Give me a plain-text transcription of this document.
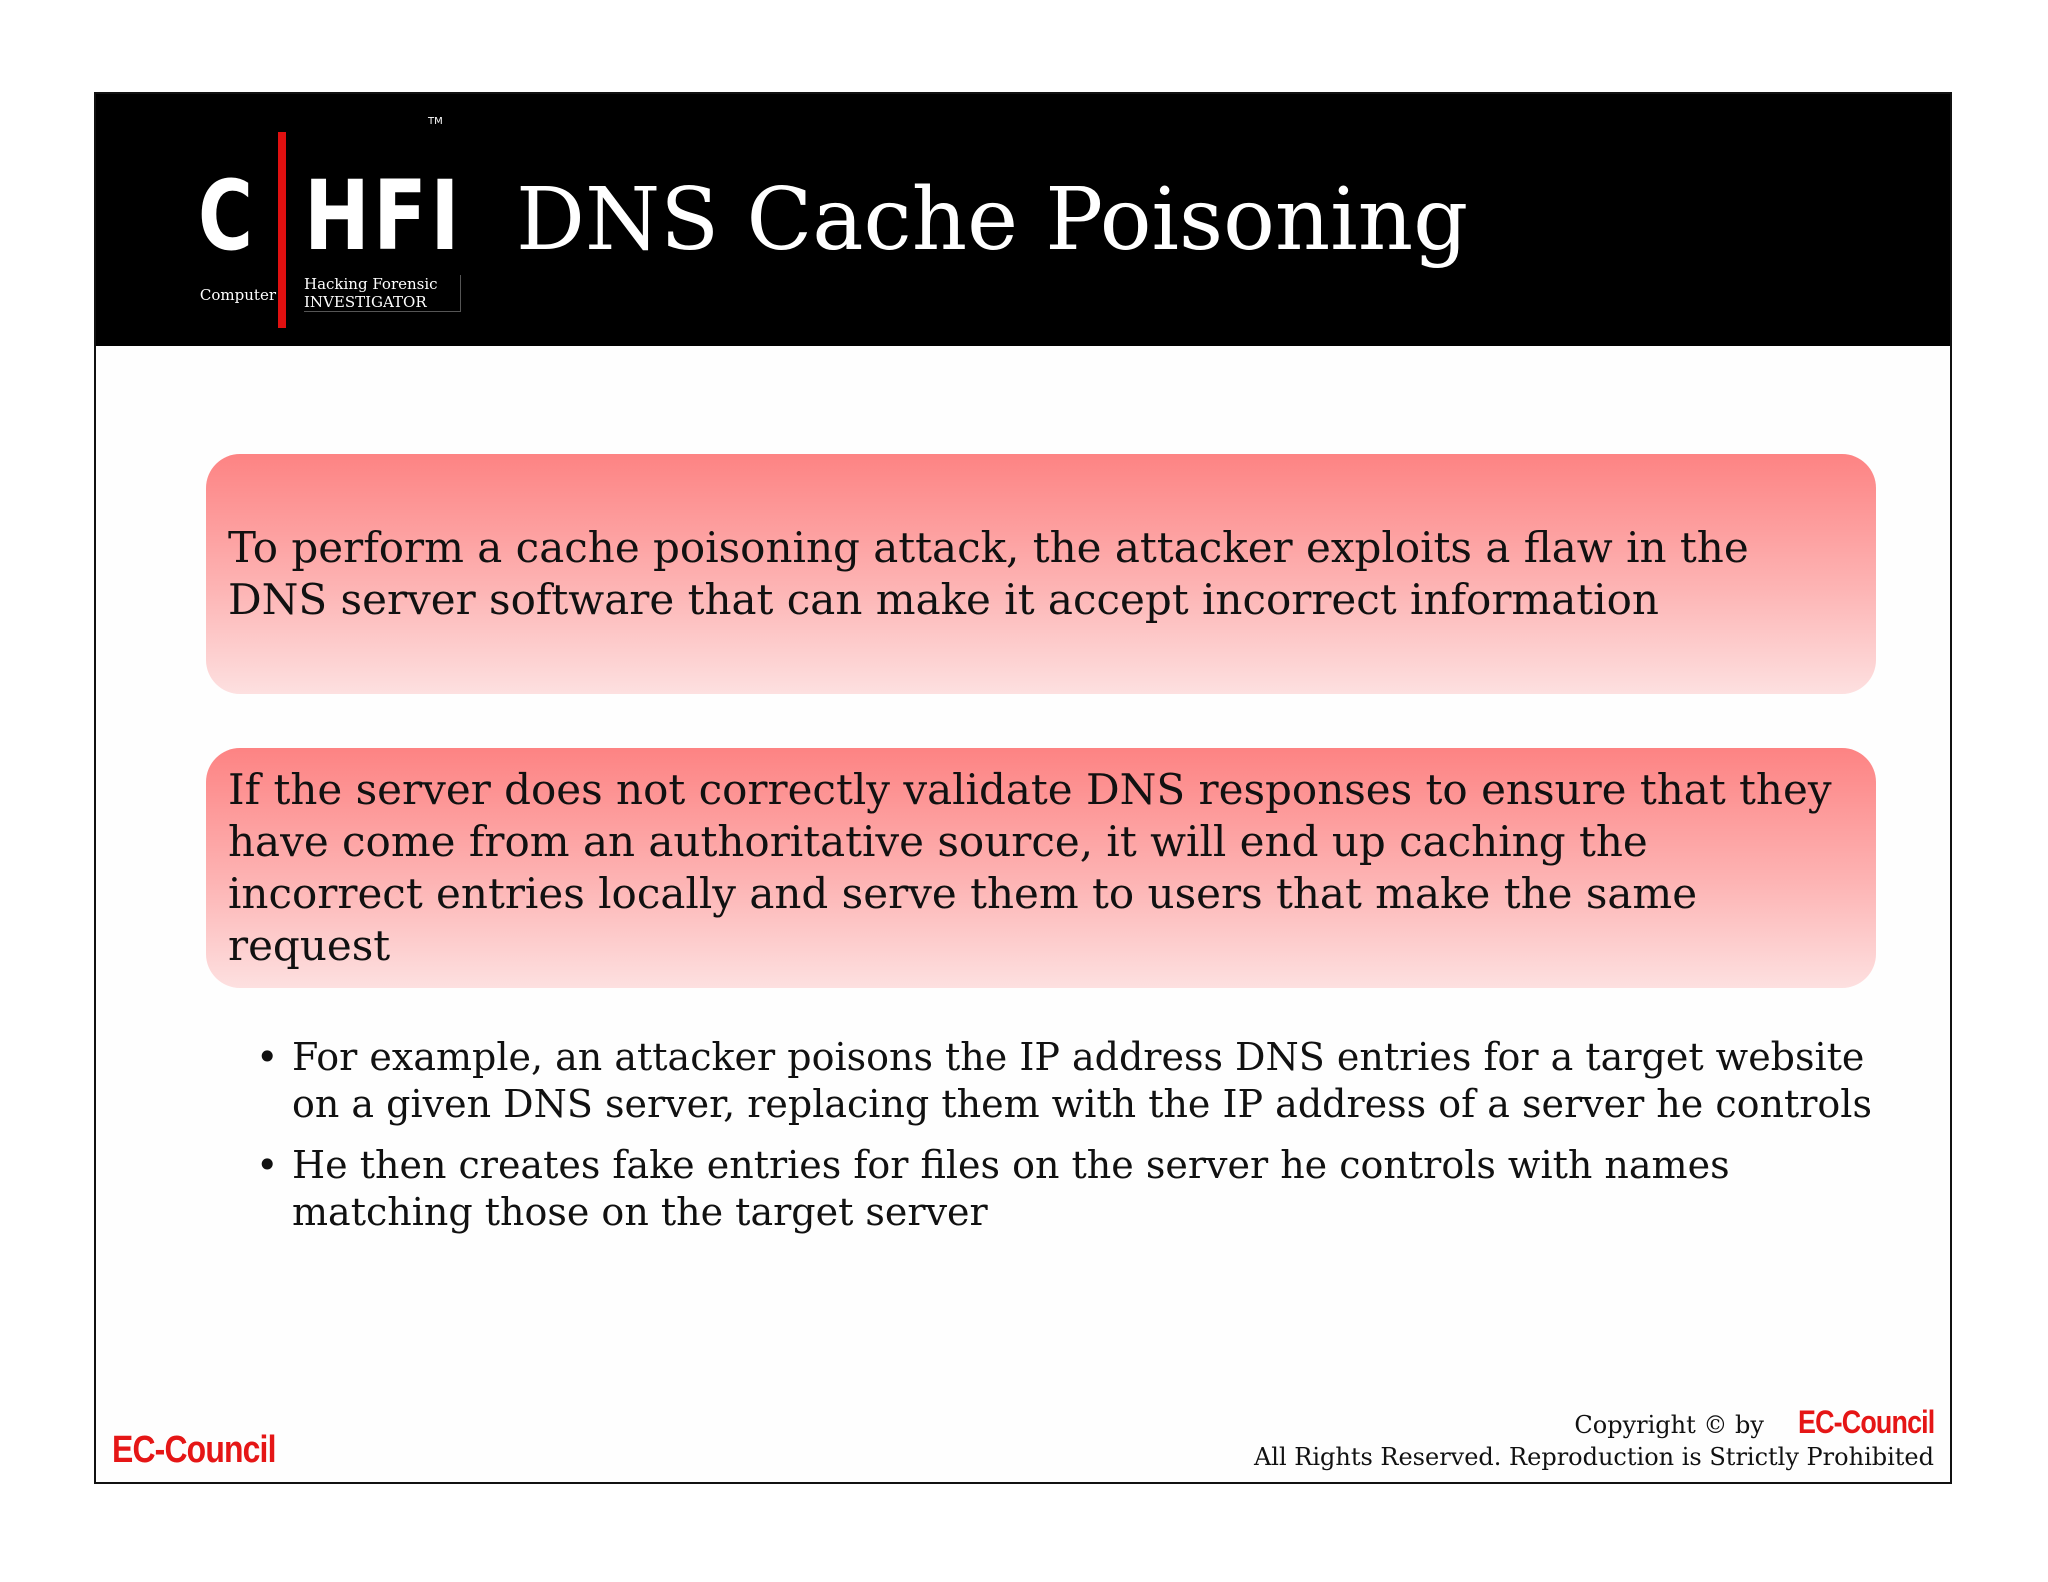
C HFI
TM
Computer
Hacking Forensic
INVESTIGATOR
DNS Cache Poisoning
To perform a cache poisoning attack, the attacker exploits a flaw in the DNS server software that can make it accept incorrect information
If the server does not correctly validate DNS responses to ensure that they have come from an authoritative source, it will end up caching the incorrect entries locally and serve them to users that make the same request
• For example, an attacker poisons the IP address DNS entries for a target website on a given DNS server, replacing them with the IP address of a server he controls
• He then creates fake entries for files on the server he controls with names matching those on the target server
EC-Council
Copyright © by EC-Council
All Rights Reserved. Reproduction is Strictly Prohibited
